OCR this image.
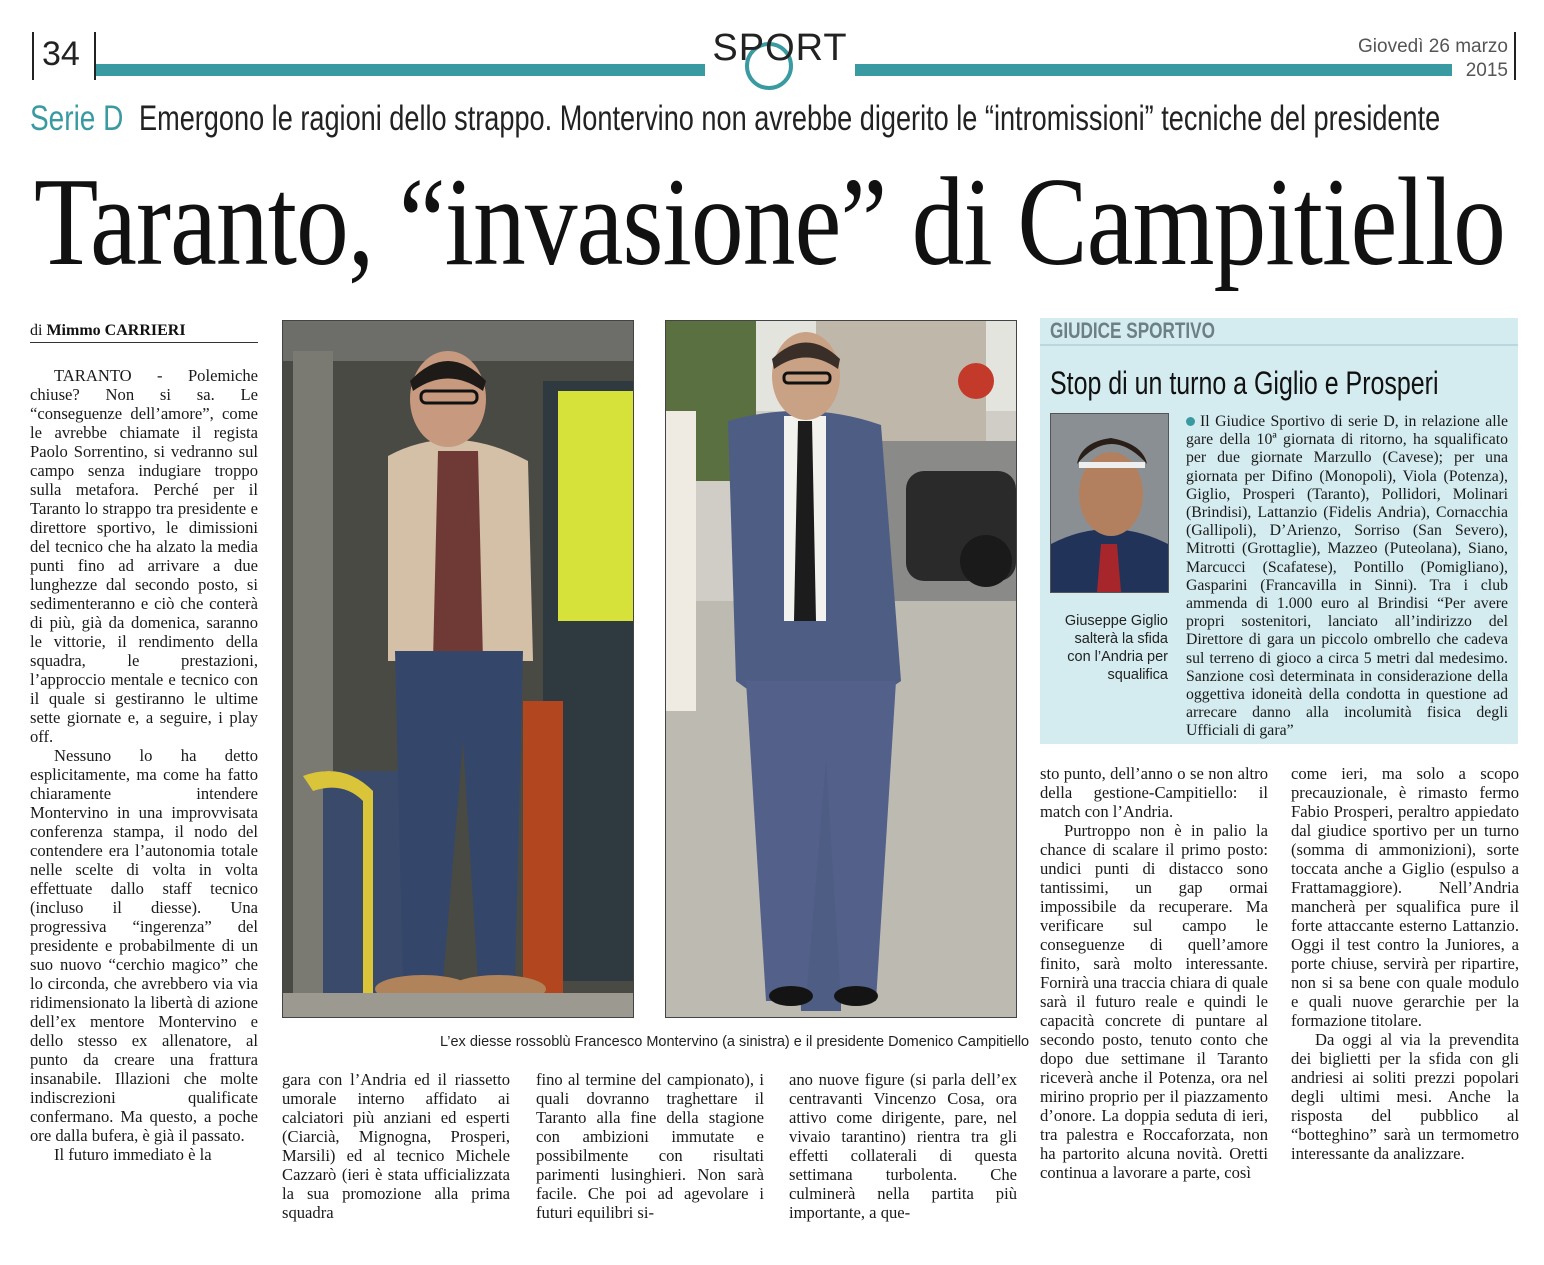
34	SPORT	Giovedì 26 marzo
2015
Serie D Emergono le ragioni dello strappo. Montervino non avrebbe digerito le “intromissioni” tecniche del presidente
Taranto, “invasione” di Campitiello
di Mimmo CARRIERI

TARANTO - Polemiche chiuse? Non si sa. Le “conseguenze dell’amore”, come le avrebbe chiamate il regista Paolo Sorrentino, si vedranno sul campo senza indugiare troppo sulla metafora. Perché per il Taranto lo strappo tra presidente e direttore sportivo, le dimissioni del tecnico che ha alzato la media punti fino ad arrivare a due lunghezze dal secondo posto, si sedimenteranno e ciò che conterà di più, già da domenica, saranno le vittorie, il rendimento della squadra, le prestazioni, l’approccio mentale e tecnico con il quale si gestiranno le ultime sette giornate e, a seguire, i play off.

Nessuno lo ha detto esplicitamente, ma come ha fatto chiaramente intendere Montervino in una improvvisata conferenza stampa, il nodo del contendere era l’autonomia totale nelle scelte di volta in volta effettuate dallo staff tecnico (incluso il diesse). Una progressiva “ingerenza” del presidente e probabilmente di un suo nuovo “cerchio magico” che lo circonda, che avrebbero via via ridimensionato la libertà di azione dell’ex mentore Montervino e dello stesso ex allenatore, al punto da creare una frattura insanabile. Illazioni che molte indiscrezioni qualificate confermano. Ma questo, a poche ore dalla bufera, è già il passato.

Il futuro immediato è la

L’ex diesse rossoblù Francesco Montervino (a sinistra) e il presidente Domenico Campitiello

gara con l’Andria ed il riassetto umorale interno affidato ai calciatori più anziani ed esperti (Ciarcià, Mignogna, Prosperi, Marsili) ed al tecnico Michele Cazzarò (ieri è stata ufficializzata la sua promozione alla prima squadra

fino al termine del campionato), i quali dovranno traghettare il Taranto alla fine della stagione con ambizioni immutate e possibilmente con risultati parimenti lusinghieri. Non sarà facile. Che poi ad agevolare i futuri equilibri si-

ano nuove figure (si parla dell’ex centravanti Vincenzo Cosa, ora attivo come dirigente, pare, nel vivaio tarantino) rientra tra gli effetti collaterali di questa settimana turbolenta. Che culminerà nella partita più importante, a que-

GIUDICE SPORTIVO
Stop di un turno a Giglio e Prosperi
Giuseppe Giglio salterà la sfida con l’Andria per squalifica

Il Giudice Sportivo di serie D, in relazione alle gare della 10ª giornata di ritorno, ha squalificato per due giornate Marzullo (Cavese); per una giornata per Difino (Monopoli), Viola (Potenza), Giglio, Prosperi (Taranto), Pollidori, Molinari (Brindisi), Lattanzio (Fidelis Andria), Cornacchia (Gallipoli), D’Arienzo, Sorriso (San Severo), Mitrotti (Grottaglie), Mazzeo (Puteolana), Siano, Marcucci (Scafatese), Pontillo (Pomigliano), Gasparini (Francavilla in Sinni). Tra i club ammenda di 1.000 euro al Brindisi “Per avere propri sostenitori, lanciato all’indirizzo del Direttore di gara un piccolo ombrello che cadeva sul terreno di gioco a circa 5 metri dal medesimo. Sanzione così determinata in considerazione della oggettiva idoneità della condotta in questione ad arrecare danno alla incolumità fisica degli Ufficiali di gara”

sto punto, dell’anno o se non altro della gestione-Campitiello: il match con l’Andria.

Purtroppo non è in palio la chance di scalare il primo posto: undici punti di distacco sono tantissimi, un gap ormai impossibile da recuperare. Ma verificare sul campo le conseguenze di quell’amore finito, sarà molto interessante. Fornirà una traccia chiara di quale sarà il futuro reale e quindi le capacità concrete di puntare al secondo posto, tenuto conto che dopo due settimane il Taranto riceverà anche il Potenza, ora nel mirino proprio per il piazzamento d’onore. La doppia seduta di ieri, tra palestra e Roccaforzata, non ha partorito alcuna novità. Oretti continua a lavorare a parte, così

come ieri, ma solo a scopo precauzionale, è rimasto fermo Fabio Prosperi, peraltro appiedato dal giudice sportivo per un turno (somma di ammonizioni), sorte toccata anche a Giglio (espulso a Frattamaggiore). Nell’Andria mancherà per squalifica pure il forte attaccante esterno Lattanzio. Oggi il test contro la Juniores, a porte chiuse, servirà per ripartire, non si sa bene con quale modulo e quali nuove gerarchie per la formazione titolare.

Da oggi al via la prevendita dei biglietti per la sfida con gli andriesi ai soliti prezzi popolari degli ultimi mesi. Anche la risposta del pubblico al “botteghino” sarà un termometro interessante da analizzare.
